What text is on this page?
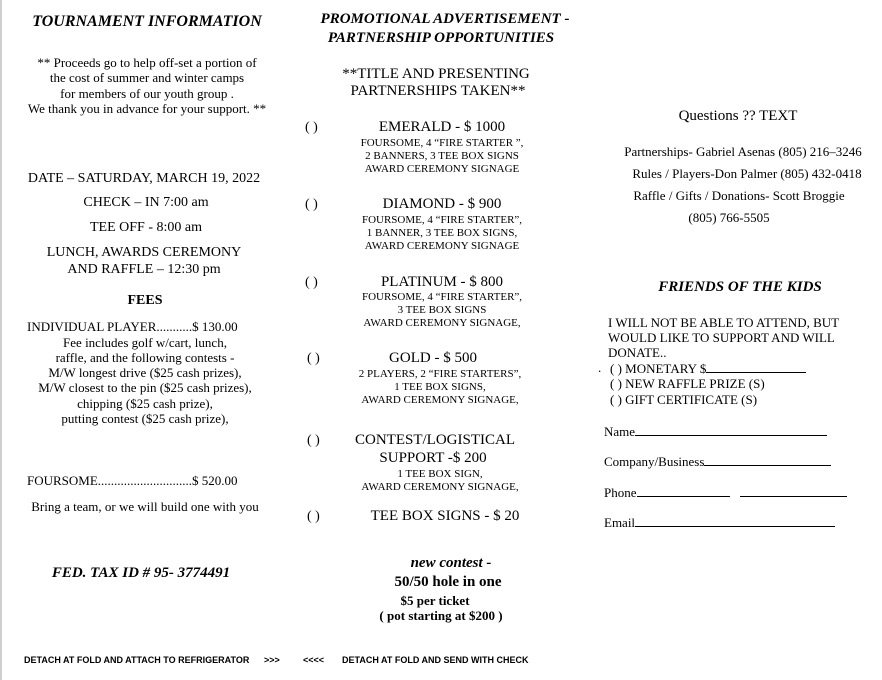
TOURNAMENT INFORMATION
** Proceeds go to help off-set a portion of
the cost of summer and winter camps
for members of our youth group .
We thank you in advance for your support. **
DATE – SATURDAY, MARCH 19, 2022
CHECK – IN 7:00 am
TEE OFF - 8:00 am
LUNCH, AWARDS CEREMONY
AND RAFFLE – 12:30 pm
FEES
INDIVIDUAL PLAYER...........$ 130.00
Fee includes golf w/cart, lunch,
raffle, and the following contests -
M/W longest drive ($25 cash prizes),
M/W closest to the pin ($25 cash prizes),
chipping ($25 cash prize),
putting contest ($25 cash prize),
FOURSOME.............................$ 520.00
Bring a team, or we will build one with you
FED. TAX ID # 95- 3774491
DETACH AT FOLD AND ATTACH TO REFRIGERATOR >>>
PROMOTIONAL ADVERTISEMENT -
PARTNERSHIP OPPORTUNITIES
**TITLE AND PRESENTING
PARTNERSHIPS TAKEN**
( )	EMERALD - $ 1000
FOURSOME, 4 “FIRE STARTER ”,
2 BANNERS, 3 TEE BOX SIGNS
AWARD CEREMONY SIGNAGE
( )	DIAMOND - $ 900
FOURSOME, 4 “FIRE STARTER”,
1 BANNER, 3 TEE BOX SIGNS,
AWARD CEREMONY SIGNAGE
( )	PLATINUM - $ 800
FOURSOME, 4 “FIRE STARTER”,
3 TEE BOX SIGNS
AWARD CEREMONY SIGNAGE,
( )	GOLD - $ 500
2 PLAYERS, 2 “FIRE STARTERS”,
1 TEE BOX SIGNS,
AWARD CEREMONY SIGNAGE,
( ) CONTEST/LOGISTICAL
SUPPORT -$ 200
1 TEE BOX SIGN,
AWARD CEREMONY SIGNAGE,
( )	TEE BOX SIGNS - $ 20
new contest -
50/50 hole in one
$5 per ticket
( pot starting at $200 )
<<<< DETACH AT FOLD AND SEND WITH CHECK
Questions ?? TEXT
Partnerships- Gabriel Asenas (805) 216–3246
Rules / Players-Don Palmer (805) 432-0418
Raffle / Gifts / Donations- Scott Broggie
(805) 766-5505
FRIENDS OF THE KIDS
I WILL NOT BE ABLE TO ATTEND, BUT
WOULD LIKE TO SUPPORT AND WILL
DONATE..
. ( ) MONETARY $
( ) NEW RAFFLE PRIZE (S)
( ) GIFT CERTIFICATE (S)
Name
Company/Business
Phone
Email
